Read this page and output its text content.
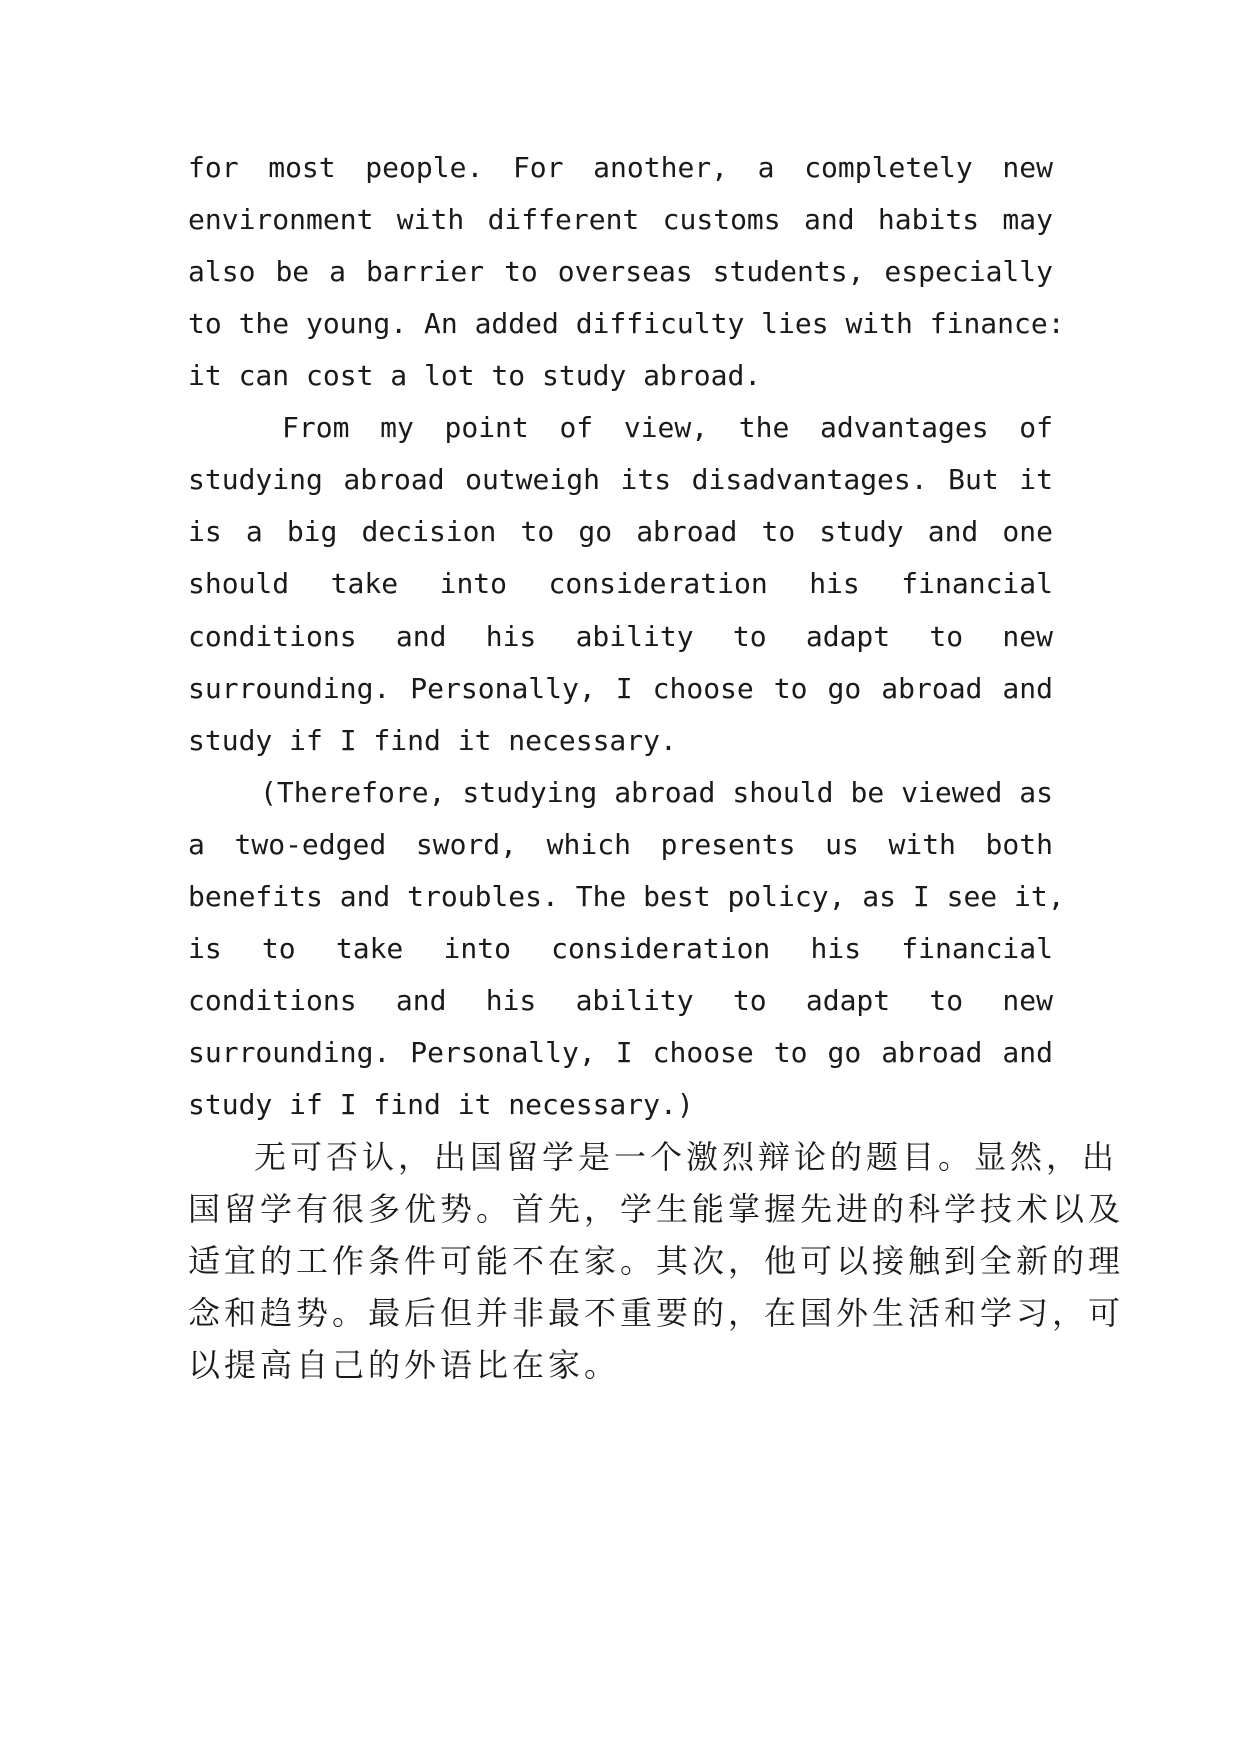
for most people. For another, a completely new
environment with different customs and habits may
also be a barrier to overseas students, especially
to the young. An added difficulty lies with finance:
it can cost a lot to study abroad.
From my point of view, the advantages of
studying abroad outweigh its disadvantages. But it
is a big decision to go abroad to study and one
should take into consideration his financial
conditions and his ability to adapt to new
surrounding. Personally, I choose to go abroad and
study if I find it necessary.
(Therefore, studying abroad should be viewed as
a two-edged sword, which presents us with both
benefits and troubles. The best policy, as I see it,
is to take into consideration his financial
conditions and his ability to adapt to new
surrounding. Personally, I choose to go abroad and
study if I find it necessary.)
无可否认，出国留学是一个激烈辩论的题目。显然，出
国留学有很多优势。首先，学生能掌握先进的科学技术以及
适宜的工作条件可能不在家。其次，他可以接触到全新的理
念和趋势。最后但并非最不重要的，在国外生活和学习，可
以提高自己的外语比在家。
